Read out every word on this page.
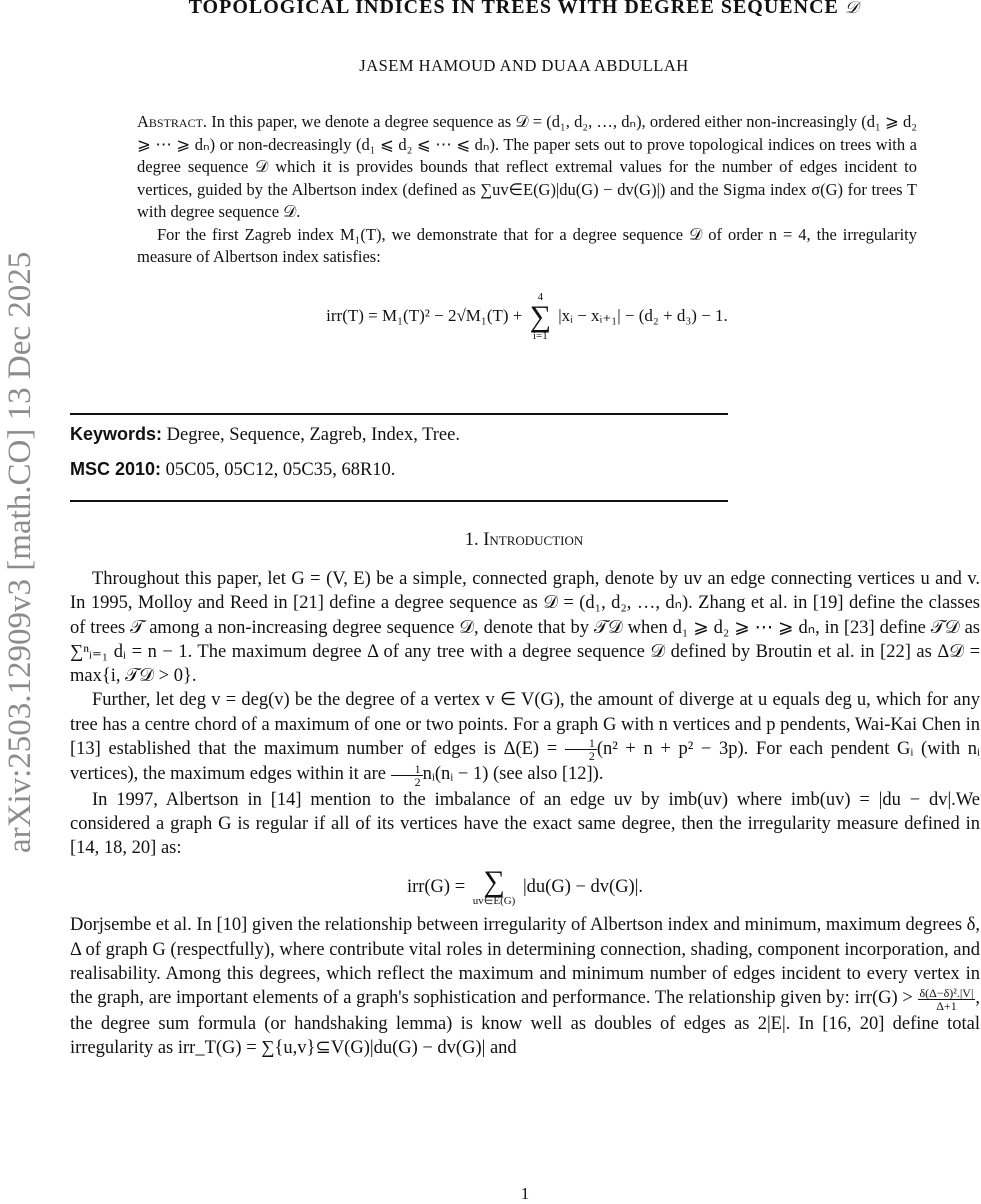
arXiv:2503.12909v3 [math.CO] 13 Dec 2025
TOPOLOGICAL INDICES IN TREES WITH DEGREE SEQUENCE 𝒟
JASEM HAMOUD AND DUAA ABDULLAH

Abstract. In this paper, we denote a degree sequence as 𝒟 = (d₁, d₂, …, dₙ), ordered either non-increasingly (d₁ ⩾ d₂ ⩾ ⋯ ⩾ dₙ) or non-decreasingly (d₁ ⩽ d₂ ⩽ ⋯ ⩽ dₙ). The paper sets out to prove topological indices on trees with a degree sequence 𝒟 which it is provides bounds that reflect extremal values for the number of edges incident to vertices, guided by the Albertson index (defined as ∑uv∈E(G)|du(G) − dv(G)|) and the Sigma index σ(G) for trees T with degree sequence 𝒟.

For the first Zagreb index M₁(T), we demonstrate that for a degree sequence 𝒟 of order n = 4, the irregularity measure of Albertson index satisfies:

irr(T) = M₁(T)² − 2√M₁(T) +
4
∑
i=1
|xᵢ − xᵢ₊₁| − (d₂ + d₃) − 1.
Keywords: Degree, Sequence, Zagreb, Index, Tree.
MSC 2010: 05C05, 05C12, 05C35, 68R10.
1. Introduction

Throughout this paper, let G = (V, E) be a simple, connected graph, denote by uv an edge connecting vertices u and v. In 1995, Molloy and Reed in [21] define a degree sequence as 𝒟 = (d₁, d₂, …, dₙ). Zhang et al. in [19] define the classes of trees 𝒯 among a non-increasing degree sequence 𝒟, denote that by 𝒯𝒟 when d₁ ⩾ d₂ ⩾ ⋯ ⩾ dₙ, in [23] define 𝒯𝒟 as ∑ⁿᵢ₌₁ dᵢ = n − 1. The maximum degree Δ of any tree with a degree sequence 𝒟 defined by Broutin et al. in [22] as Δ𝒟 = max{i, 𝒯𝒟 > 0}.

Further, let deg v = deg(v) be the degree of a vertex v ∈ V(G), the amount of diverge at u equals deg u, which for any tree has a centre chord of a maximum of one or two points. For a graph G with n vertices and p pendents, Wai-Kai Chen in [13] established that the maximum number of edges is $\Delta(E) = \frac{1}{2} (n^2 + n + p^2 - 3p)$. For each pendent Gᵢ (with nᵢ vertices), the maximum edges within it are $\frac{1}{2}$ nᵢ(nᵢ − 1) (see also [12]).

In 1997, Albertson in [14] mention to the imbalance of an edge uv by imb(uv) where imb(uv) = |du − dv|.We considered a graph G is regular if all of its vertices have the exact same degree, then the irregularity measure defined in [14, 18, 20] as:

irr(G) = ∑
uv∈E(G)
|du(G) − dv(G)|.

Dorjsembe et al. In [10] given the relationship between irregularity of Albertson index and minimum, maximum degrees δ, Δ of graph G (respectfully), where contribute vital roles in determining connection, shading, component incorporation, and realisability. Among this degrees, which reflect the maximum and minimum number of edges incident to every vertex in the graph, are important elements of a graph's sophistication and performance. The relationship given by: $irr(G) > \frac{\text{δ(Δ−δ)².|V|}}{\Delta+1}$ , the degree sum formula (or handshaking lemma) is know well as doubles of edges as 2|E|. In [16, 20] define total irregularity as irr_T(G) = ∑{u,v}⊆V(G)|du(G) − dv(G)| and

1
